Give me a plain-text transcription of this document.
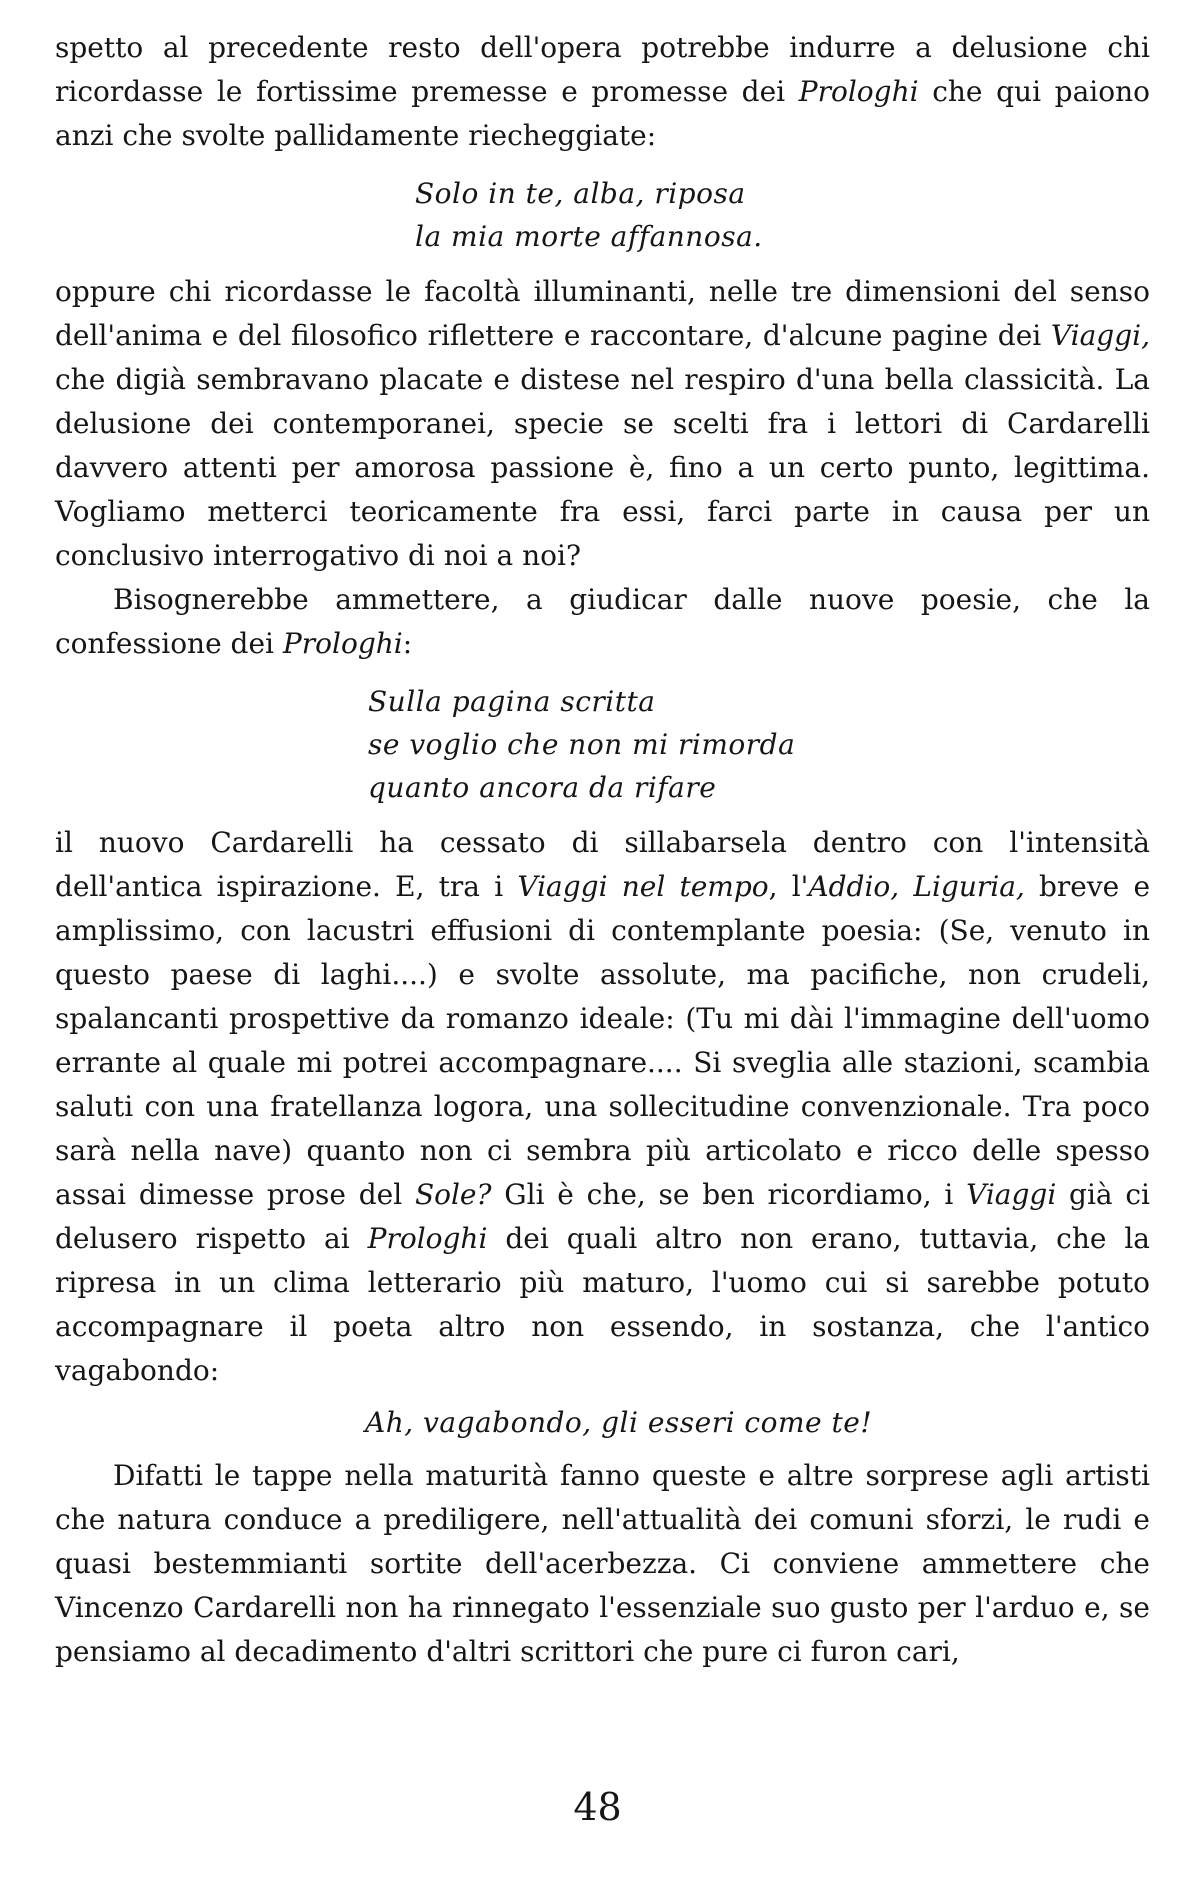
spetto al precedente resto dell'opera potrebbe indurre a delusione chi ricordasse le fortissime premesse e promesse dei Prologhi che qui paiono anzi che svolte pallidamente riecheggiate:

Solo in te, alba, riposa
la mia morte affannosa.

oppure chi ricordasse le facoltà illuminanti, nelle tre dimensioni del senso dell'anima e del filosofico riflettere e raccontare, d'alcune pagine dei Viaggi, che digià sembravano placate e distese nel respiro d'una bella classicità. La delusione dei contemporanei, specie se scelti fra i lettori di Cardarelli davvero attenti per amorosa passione è, fino a un certo punto, legittima. Vogliamo metterci teoricamente fra essi, farci parte in causa per un conclusivo interrogativo di noi a noi?

Bisognerebbe ammettere, a giudicar dalle nuove poesie, che la confessione dei Prologhi:

Sulla pagina scritta
se voglio che non mi rimorda
quanto ancora da rifare

il nuovo Cardarelli ha cessato di sillabarsela dentro con l'intensità dell'antica ispirazione. E, tra i Viaggi nel tempo, l'Addio, Liguria, breve e amplissimo, con lacustri effusioni di contemplante poesia: (Se, venuto in questo paese di laghi....) e svolte assolute, ma pacifiche, non crudeli, spalancanti prospettive da romanzo ideale: (Tu mi dài l'immagine dell'uomo errante al quale mi potrei accompagnare.... Si sveglia alle stazioni, scambia saluti con una fratellanza logora, una sollecitudine convenzionale. Tra poco sarà nella nave) quanto non ci sembra più articolato e ricco delle spesso assai dimesse prose del Sole? Gli è che, se ben ricordiamo, i Viaggi già ci delusero rispetto ai Prologhi dei quali altro non erano, tuttavia, che la ripresa in un clima letterario più maturo, l'uomo cui si sarebbe potuto accompagnare il poeta altro non essendo, in sostanza, che l'antico vagabondo:

Ah, vagabondo, gli esseri come te!

Difatti le tappe nella maturità fanno queste e altre sorprese agli artisti che natura conduce a prediligere, nell'attualità dei comuni sforzi, le rudi e quasi bestemmianti sortite dell'acerbezza. Ci conviene ammettere che Vincenzo Cardarelli non ha rinnegato l'essenziale suo gusto per l'arduo e, se pensiamo al decadimento d'altri scrittori che pure ci furon cari,

48
